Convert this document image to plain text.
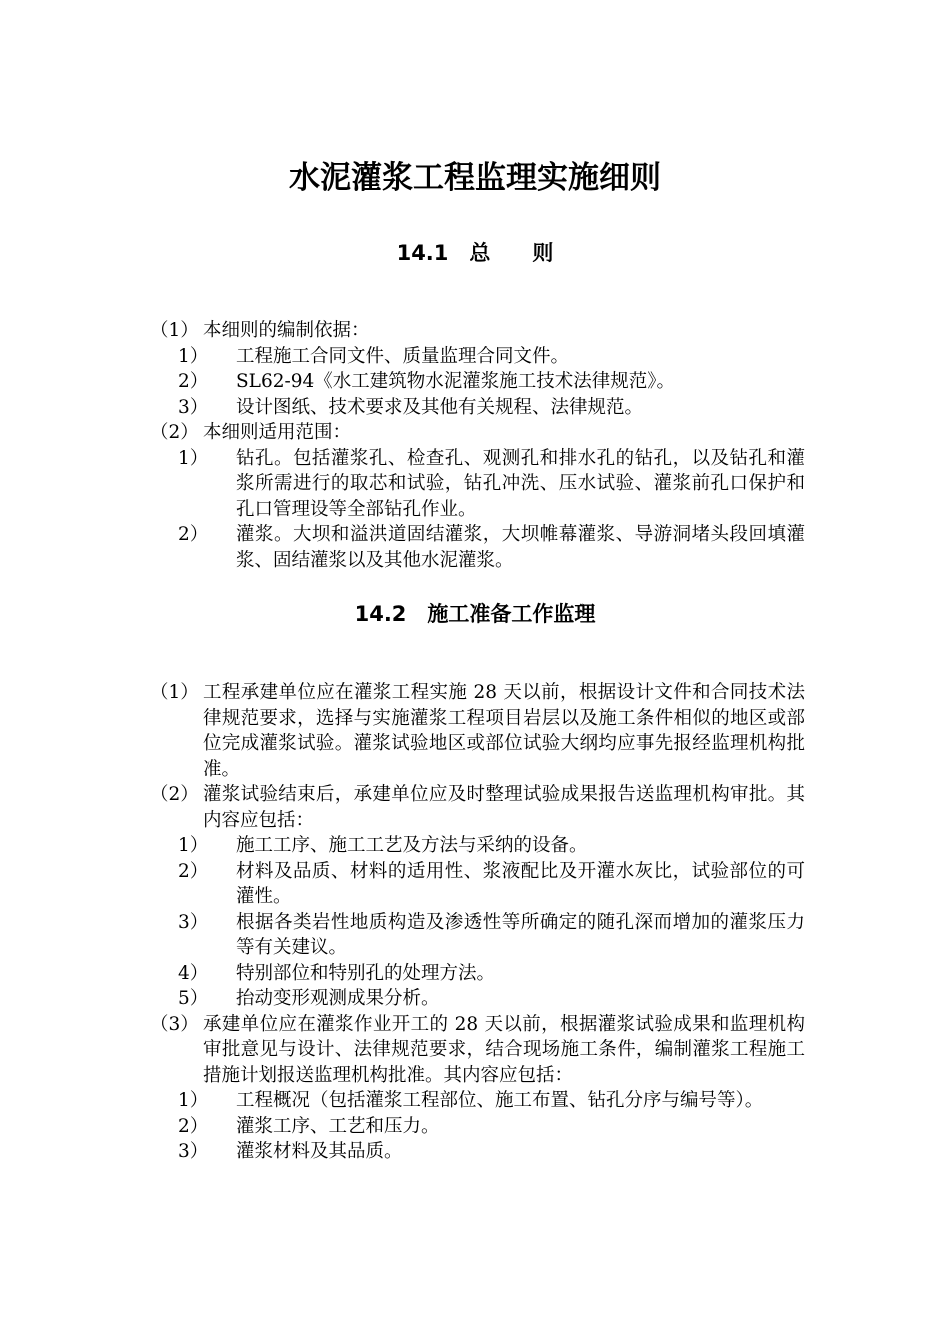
水泥灌浆工程监理实施细则
14.1　总　　则
（1） 本细则的编制依据：
1） 工程施工合同文件、质量监理合同文件。
2） SL62-94《水工建筑物水泥灌浆施工技术法律规范》。
3） 设计图纸、技术要求及其他有关规程、法律规范。
（2） 本细则适用范围：
1） 钻孔。包括灌浆孔、检查孔、观测孔和排水孔的钻孔，以及钻孔和灌浆所需进行的取芯和试验，钻孔冲洗、压水试验、灌浆前孔口保护和孔口管理设等全部钻孔作业。
2） 灌浆。大坝和溢洪道固结灌浆，大坝帷幕灌浆、导游洞堵头段回填灌浆、固结灌浆以及其他水泥灌浆。
14.2　施工准备工作监理
（1） 工程承建单位应在灌浆工程实施 28 天以前，根据设计文件和合同技术法律规范要求，选择与实施灌浆工程项目岩层以及施工条件相似的地区或部位完成灌浆试验。灌浆试验地区或部位试验大纲均应事先报经监理机构批准。
（2） 灌浆试验结束后，承建单位应及时整理试验成果报告送监理机构审批。其内容应包括：
1） 施工工序、施工工艺及方法与采纳的设备。
2） 材料及品质、材料的适用性、浆液配比及开灌水灰比，试验部位的可灌性。
3） 根据各类岩性地质构造及渗透性等所确定的随孔深而增加的灌浆压力等有关建议。
4） 特别部位和特别孔的处理方法。
5） 抬动变形观测成果分析。
（3） 承建单位应在灌浆作业开工的 28 天以前，根据灌浆试验成果和监理机构审批意见与设计、法律规范要求，结合现场施工条件，编制灌浆工程施工措施计划报送监理机构批准。其内容应包括：
1） 工程概况（包括灌浆工程部位、施工布置、钻孔分序与编号等）。
2） 灌浆工序、工艺和压力。
3） 灌浆材料及其品质。
